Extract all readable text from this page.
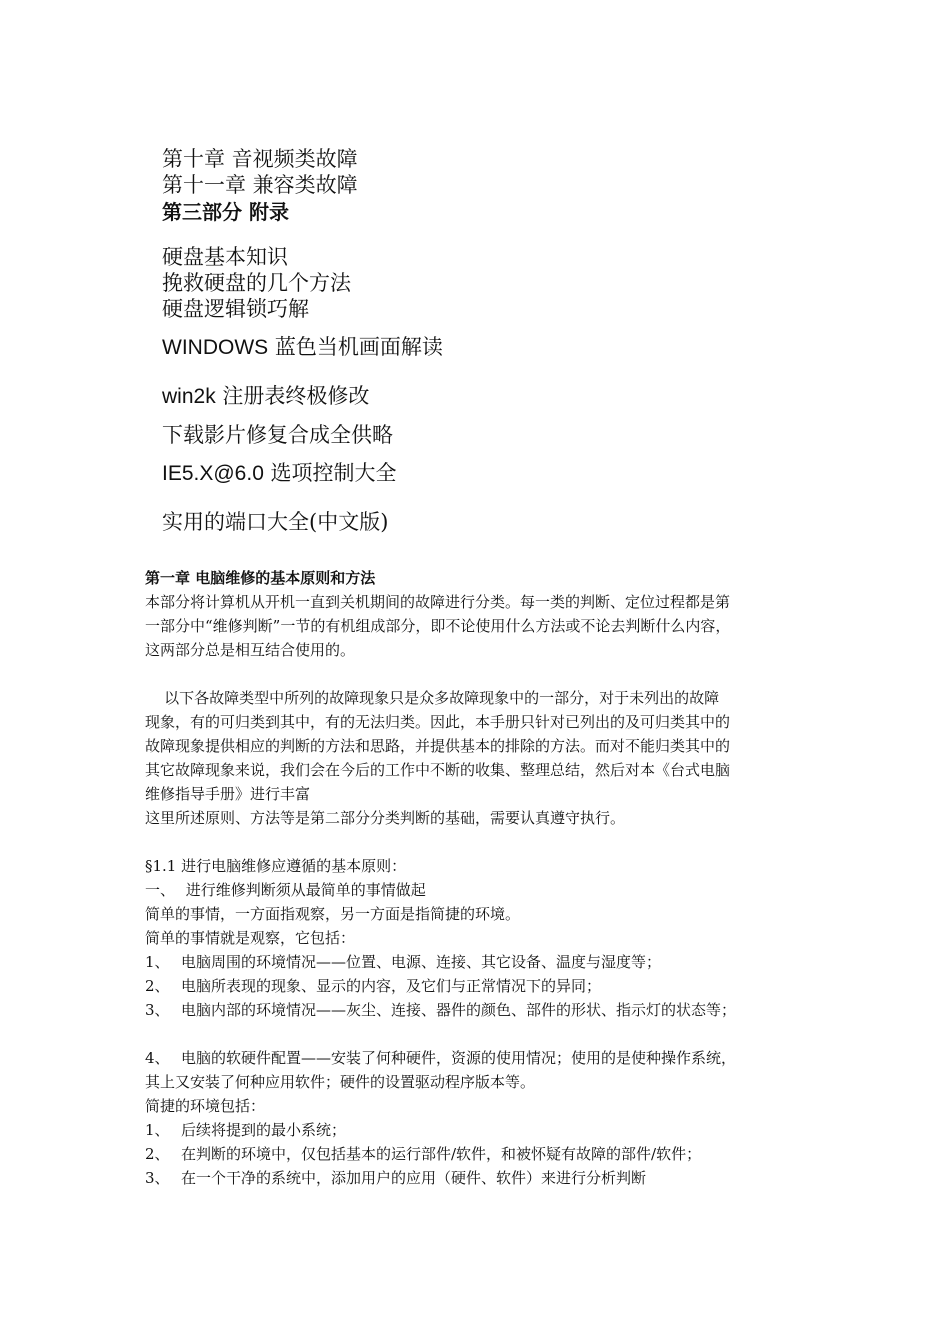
第十章 音视频类故障
第十一章 兼容类故障
第三部分 附录
硬盘基本知识
挽救硬盘的几个方法
硬盘逻辑锁巧解
WINDOWS 蓝色当机画面解读
win2k 注册表终极修改
下载影片修复合成全供略
IE5.X@6.0 选项控制大全
实用的端口大全(中文版)

第一章 电脑维修的基本原则和方法

本部分将计算机从开机一直到关机期间的故障进行分类。每一类的判断、定位过程都是第

一部分中“维修判断”一节的有机组成部分，即不论使用什么方法或不论去判断什么内容，

这两部分总是相互结合使用的。

以下各故障类型中所列的故障现象只是众多故障现象中的一部分，对于未列出的故障

现象，有的可归类到其中，有的无法归类。因此，本手册只针对已列出的及可归类其中的

故障现象提供相应的判断的方法和思路，并提供基本的排除的方法。而对不能归类其中的

其它故障现象来说，我们会在今后的工作中不断的收集、整理总结，然后对本《台式电脑

维修指导手册》进行丰富

这里所述原则、方法等是第二部分分类判断的基础，需要认真遵守执行。

§1.1 进行电脑维修应遵循的基本原则：

一、 进行维修判断须从最简单的事情做起

简单的事情，一方面指观察，另一方面是指简捷的环境。

简单的事情就是观察，它包括：

1、 电脑周围的环境情况——位置、电源、连接、其它设备、温度与湿度等；

2、 电脑所表现的现象、显示的内容，及它们与正常情况下的异同；

3、 电脑内部的环境情况——灰尘、连接、器件的颜色、部件的形状、指示灯的状态等；

4、 电脑的软硬件配置——安装了何种硬件，资源的使用情况；使用的是使种操作系统，

其上又安装了何种应用软件；硬件的设置驱动程序版本等。

简捷的环境包括：

1、 后续将提到的最小系统；

2、 在判断的环境中，仅包括基本的运行部件/软件，和被怀疑有故障的部件/软件；

3、 在一个干净的系统中，添加用户的应用（硬件、软件）来进行分析判断
